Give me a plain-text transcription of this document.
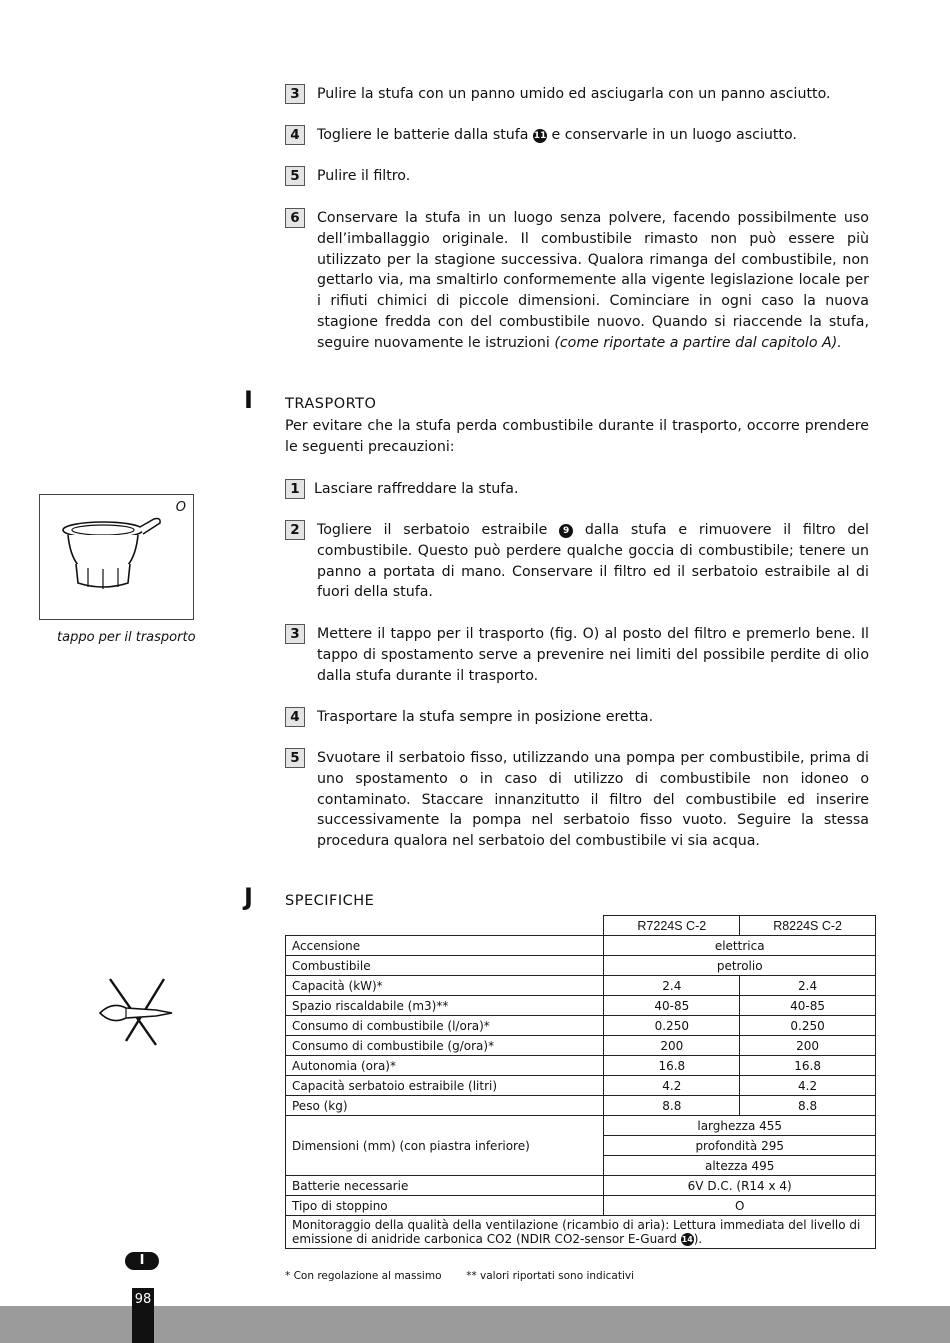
3	Pulire la stufa con un panno umido ed asciugarla con un panno asciutto.
4	Togliere le batterie dalla stufa 11 e conservarle in un luogo asciutto.
5	Pulire il filtro.
6	Conservare la stufa in un luogo senza polvere, facendo possibilmente uso dell’imballaggio originale. Il combustibile rimasto non può essere più utilizzato per la stagione successiva. Qualora rimanga del combustibile, non gettarlo via, ma smaltirlo conformemente alla vigente legislazione locale per i rifiuti chimici di piccole dimensioni. Cominciare in ogni caso la nuova stagione fredda con del combustibile nuovo. Quando si riaccende la stufa, seguire nuovamente le istruzioni (come riportate a partire dal capitolo A).
I TRASPORTO
Per evitare che la stufa perda combustibile durante il trasporto, occorre prendere le seguenti precauzioni:
1	Lasciare raffreddare la stufa.
2	Togliere il serbatoio estraibile 9 dalla stufa e rimuovere il filtro del combustibile. Questo può perdere qualche goccia di combustibile; tenere un panno a portata di mano. Conservare il filtro ed il serbatoio estraibile al di fuori della stufa.
3	Mettere il tappo per il trasporto (fig. O) al posto del filtro e premerlo bene. Il tappo di spostamento serve a prevenire nei limiti del possibile perdite di olio dalla stufa durante il trasporto.
4	Trasportare la stufa sempre in posizione eretta.
5	Svuotare il serbatoio fisso, utilizzando una pompa per combustibile, prima di uno spostamento o in caso di utilizzo di combustibile non idoneo o contaminato. Staccare innanzitutto il filtro del combustibile ed inserire successivamente la pompa nel serbatoio fisso vuoto. Seguire la stessa procedura qualora nel serbatoio del combustibile vi sia acqua.
O
tappo per il trasporto
J SPECIFICHE
	R7224S C-2	R8224S C-2
Accensione	elettrica	
Combustibile	petrolio	
Capacità (kW)*	2.4	2.4
Spazio riscaldabile (m3)**	40-85	40-85
Consumo di combustibile (l/ora)*	0.250	0.250
Consumo di combustibile (g/ora)*	200	200
Autonomia (ora)*	16.8	16.8
Capacità serbatoio estraibile (litri)	4.2	4.2
Peso (kg)	8.8	8.8
Dimensioni (mm) (con piastra inferiore)	larghezza 455	
	profondità 295	
	altezza 495	
Batterie necessarie	6V D.C. (R14 x 4)	
Tipo di stoppino	O	
Monitoraggio della qualità della ventilazione (ricambio di aria): Lettura immediata del livello di emissione di anidride carbonica CO2 (NDIR CO2-sensor E-Guard 14).		
* Con regolazione al massimo ** valori riportati sono indicativi
I
98
